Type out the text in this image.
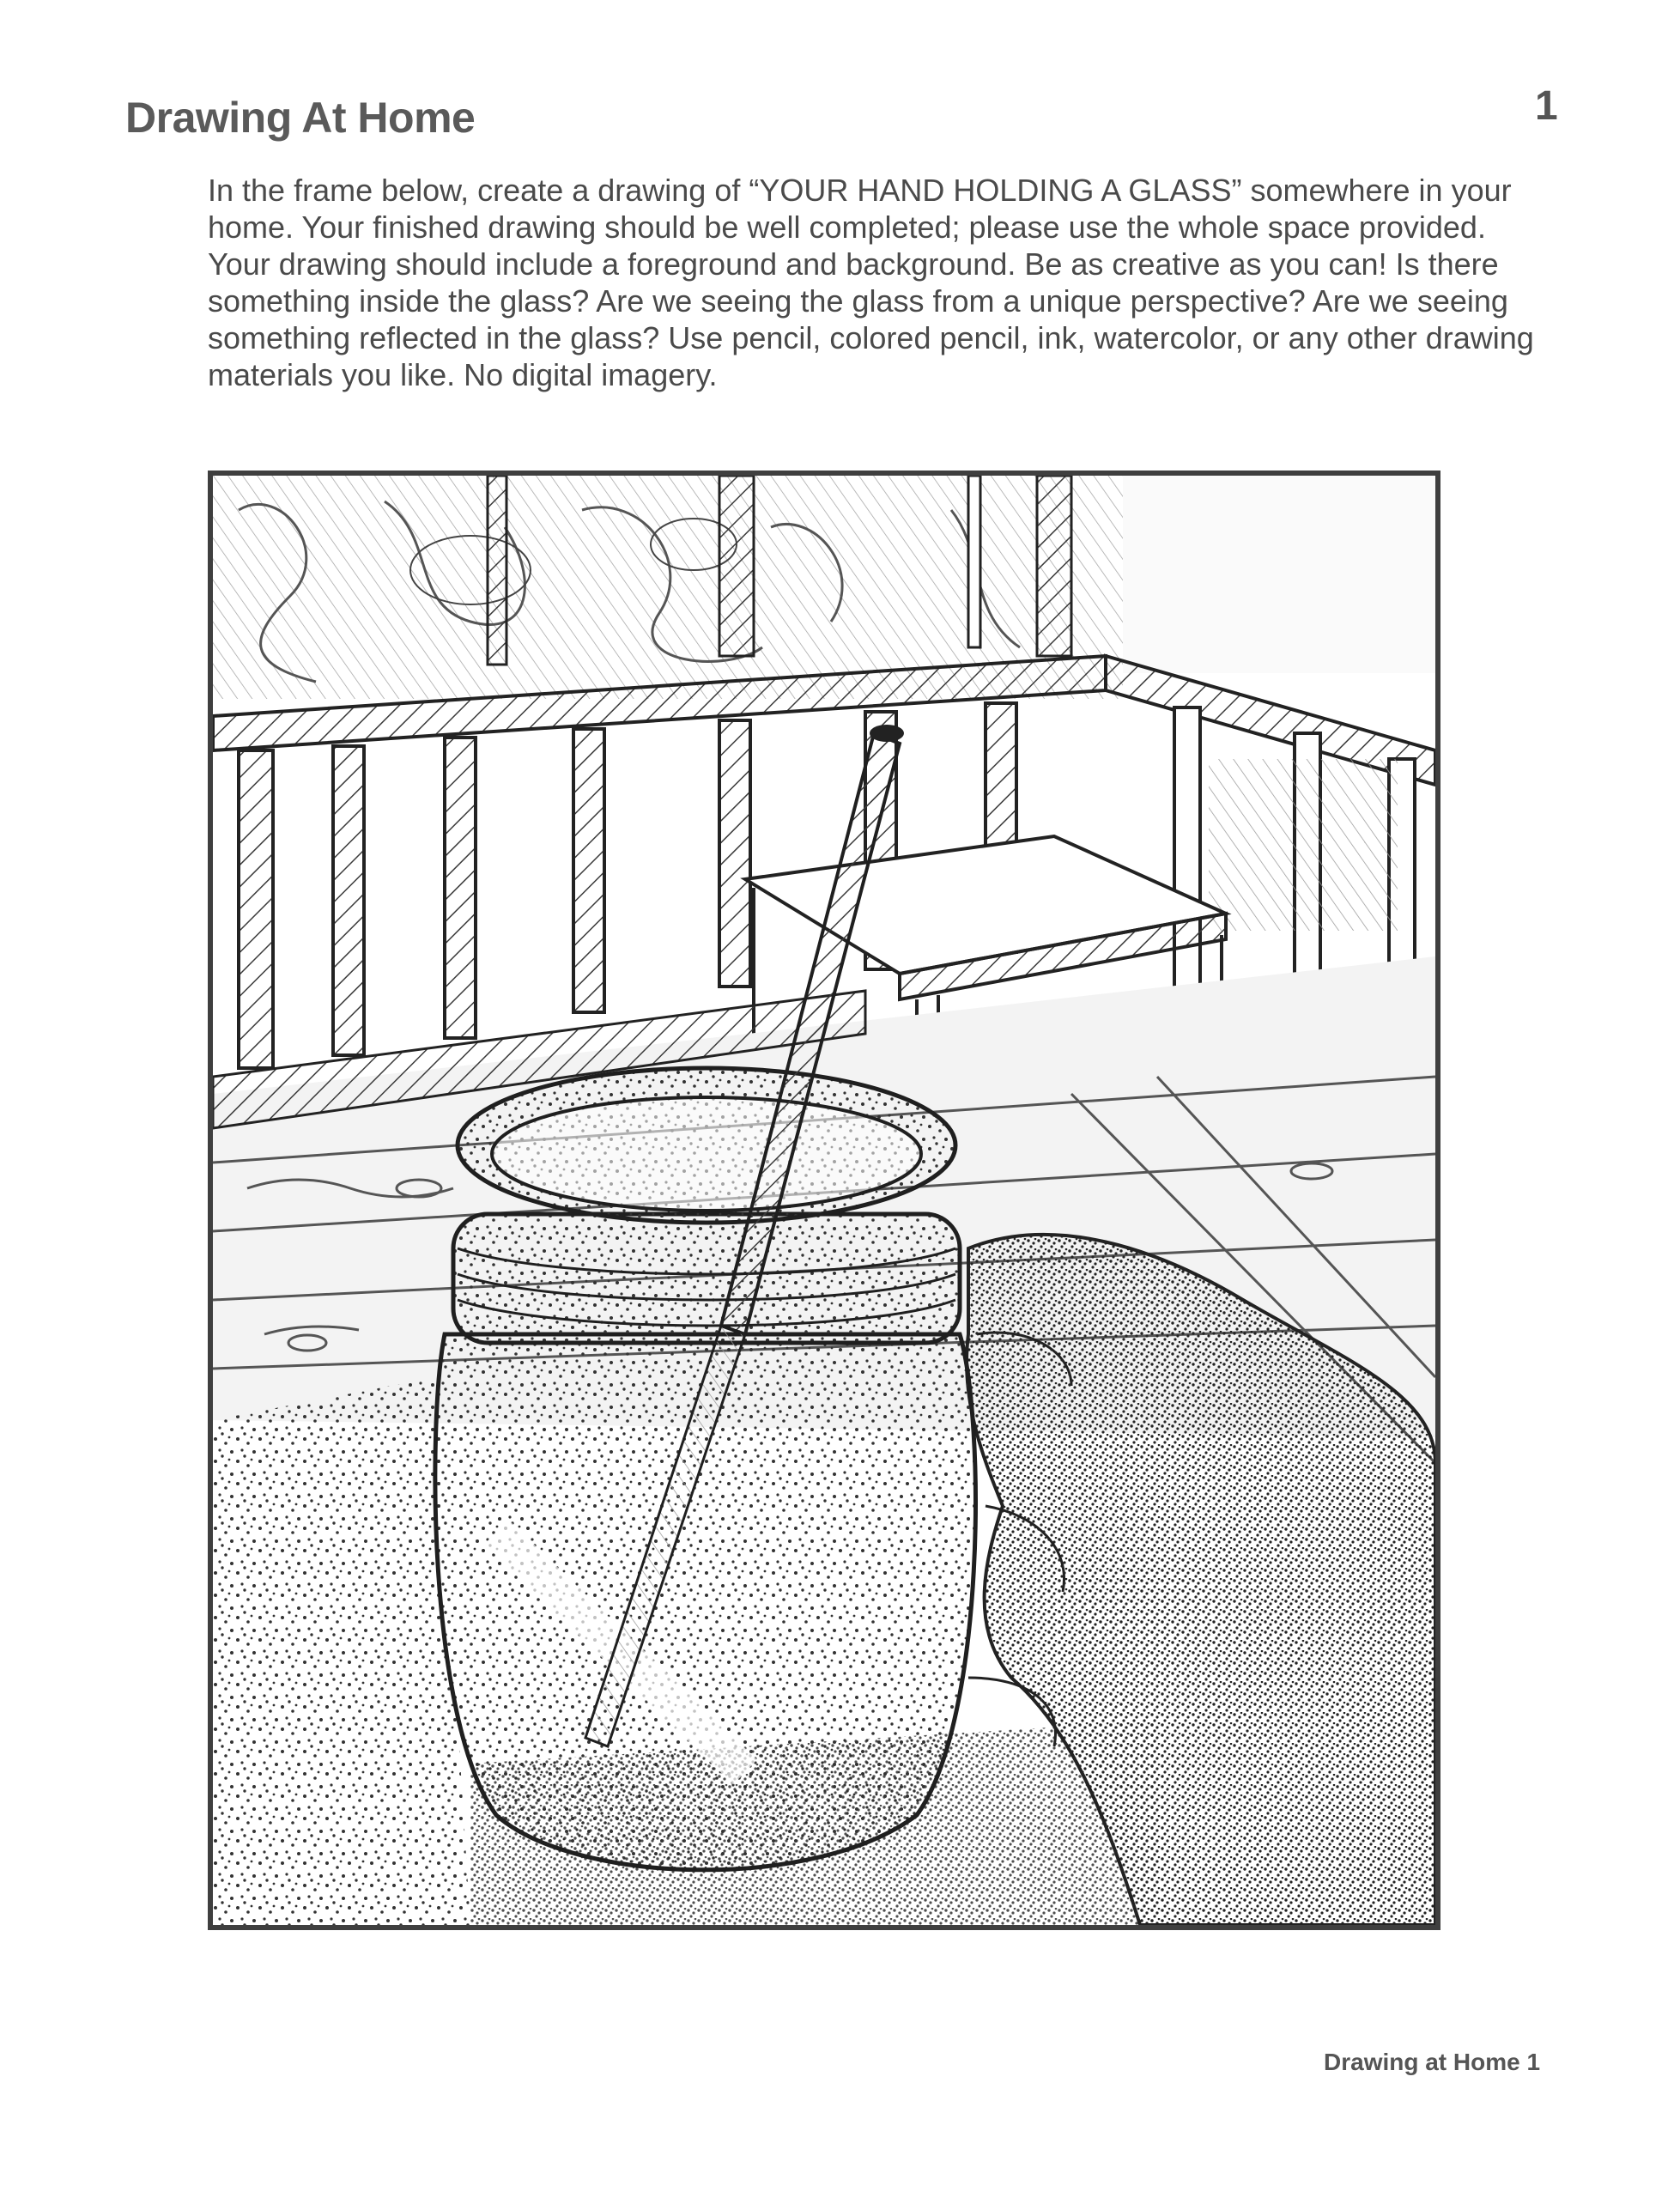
Drawing At Home	1
In the frame below, create a drawing of “YOUR HAND HOLDING A GLASS” somewhere in your home. Your finished drawing should be well completed; please use the whole space provided. Your drawing should include a foreground and background. Be as creative as you can! Is there something inside the glass? Are we seeing the glass from a unique perspective? Are we seeing something reflected in the glass? Use pencil, colored pencil, ink, watercolor, or any other drawing materials you like. No digital imagery.
Drawing at Home 1
